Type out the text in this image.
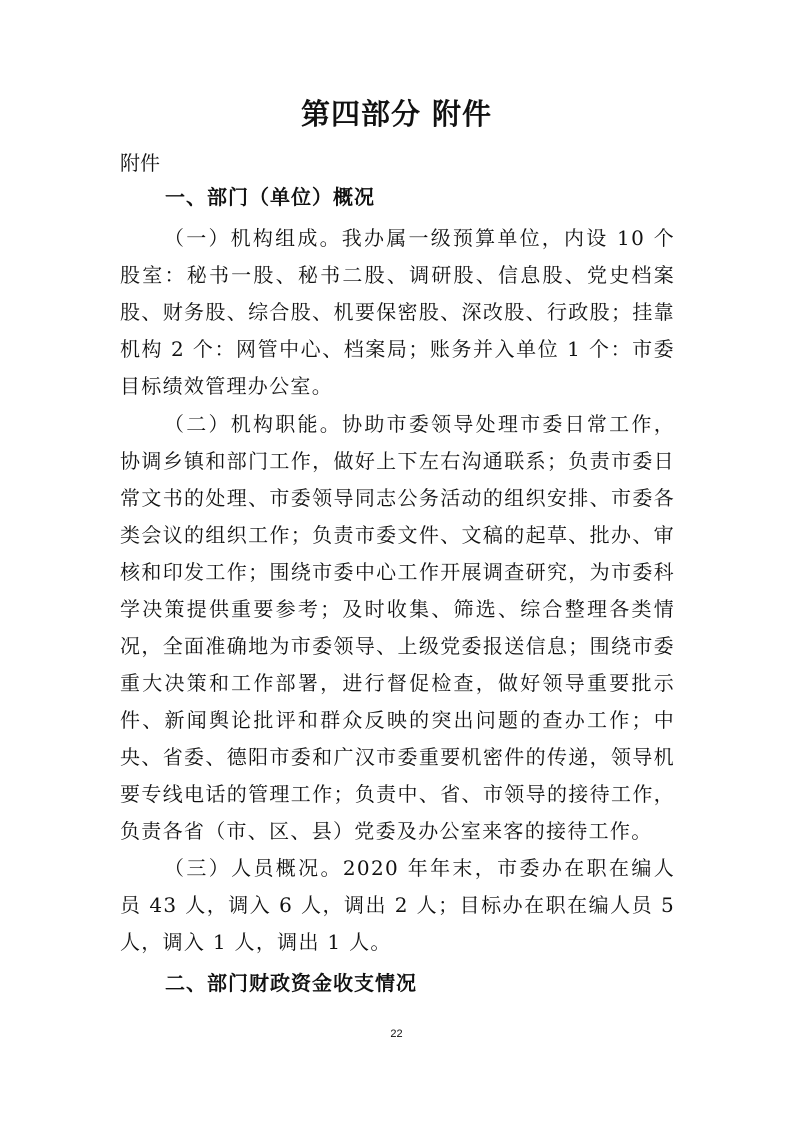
第四部分 附件
附件
一、部门（单位）概况

（一）机构组成。我办属一级预算单位，内设 10 个股室：秘书一股、秘书二股、调研股、信息股、党史档案股、财务股、综合股、机要保密股、深改股、行政股；挂靠机构 2 个：网管中心、档案局；账务并入单位 1 个：市委目标绩效管理办公室。

（二）机构职能。协助市委领导处理市委日常工作，协调乡镇和部门工作，做好上下左右沟通联系；负责市委日常文书的处理、市委领导同志公务活动的组织安排、市委各类会议的组织工作；负责市委文件、文稿的起草、批办、审核和印发工作；围绕市委中心工作开展调查研究，为市委科学决策提供重要参考；及时收集、筛选、综合整理各类情况，全面准确地为市委领导、上级党委报送信息；围绕市委重大决策和工作部署，进行督促检查，做好领导重要批示件、新闻舆论批评和群众反映的突出问题的查办工作；中央、省委、德阳市委和广汉市委重要机密件的传递，领导机要专线电话的管理工作；负责中、省、市领导的接待工作，负责各省（市、区、县）党委及办公室来客的接待工作。

（三）人员概况。2020 年年末，市委办在职在编人员 43 人，调入 6 人，调出 2 人；目标办在职在编人员 5 人，调入 1 人，调出 1 人。

二、部门财政资金收支情况
22
